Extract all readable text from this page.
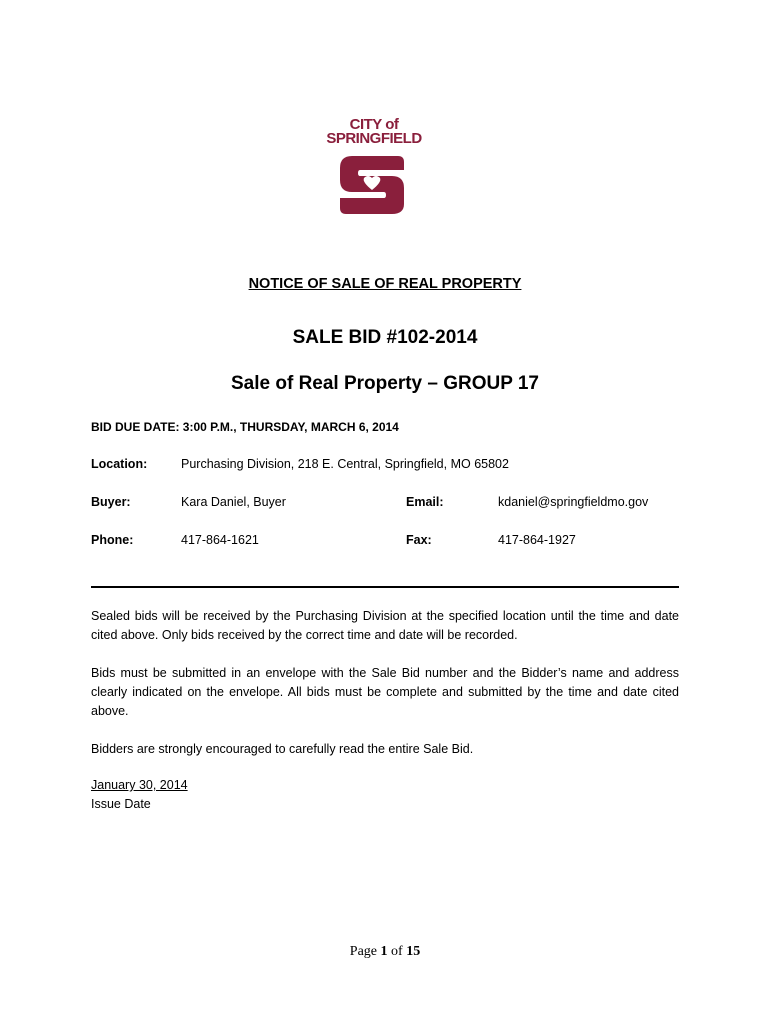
CITY of
SPRINGFIELD
NOTICE OF SALE OF REAL PROPERTY
SALE BID #102-2014
Sale of Real Property – GROUP 17
BID DUE DATE: 3:00 P.M., THURSDAY, MARCH 6, 2014
Location:	Purchasing Division, 218 E. Central, Springfield, MO 65802
Buyer:	Kara Daniel, Buyer	Email:	kdaniel@springfieldmo.gov
Phone:	417-864-1621	Fax:	417-864-1927
Sealed bids will be received by the Purchasing Division at the specified location until the time and date cited above. Only bids received by the correct time and date will be recorded.
Bids must be submitted in an envelope with the Sale Bid number and the Bidder’s name and address clearly indicated on the envelope. All bids must be complete and submitted by the time and date cited above.
Bidders are strongly encouraged to carefully read the entire Sale Bid.
January 30, 2014
Issue Date
Page 1 of 15
